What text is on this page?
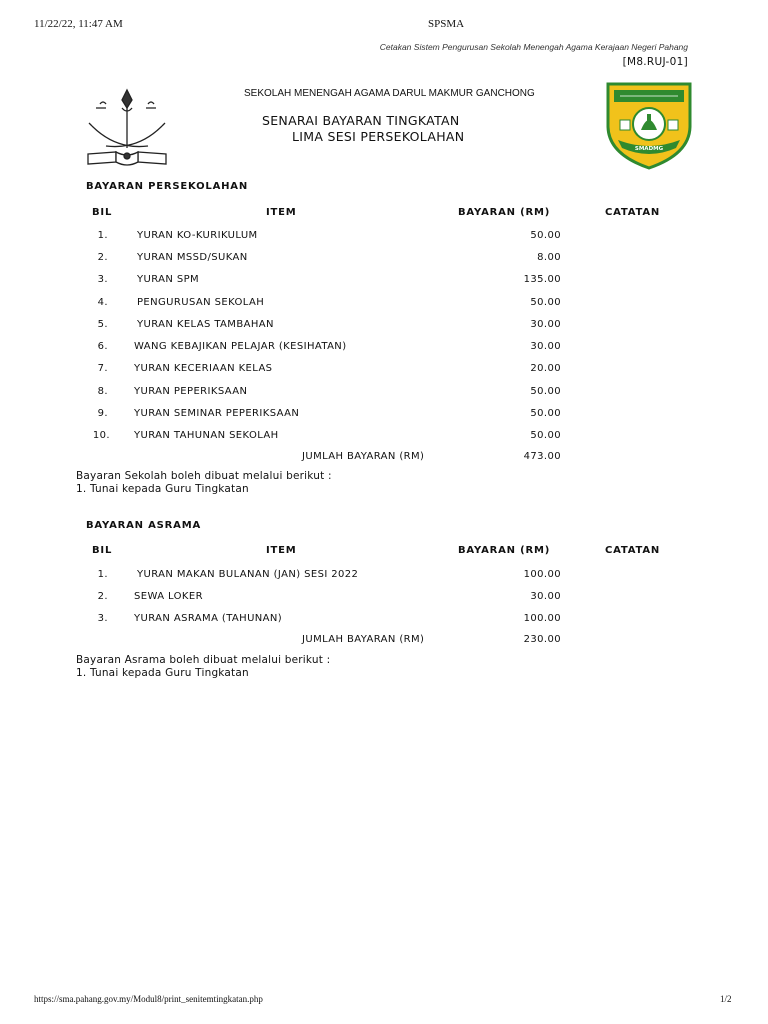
11/22/22, 11:47 AM	SPSMA
Cetakan Sistem Pengurusan Sekolah Menengah Agama Kerajaan Negeri Pahang
[M8.RUJ-01]
SMADMG
SEKOLAH MENENGAH AGAMA DARUL MAKMUR GANCHONG
SENARAI BAYARAN TINGKATAN
LIMA SESI PERSEKOLAHAN
BAYARAN PERSEKOLAHAN
BIL	ITEM	BAYARAN (RM)	CATATAN
1.	YURAN KO-KURIKULUM	50.00
2.	YURAN MSSD/SUKAN	8.00
3.	YURAN SPM	135.00
4.	PENGURUSAN SEKOLAH	50.00
5.	YURAN KELAS TAMBAHAN	30.00
6.	WANG KEBAJIKAN PELAJAR (KESIHATAN)	30.00
7.	YURAN KECERIAAN KELAS	20.00
8.	YURAN PEPERIKSAAN	50.00
9.	YURAN SEMINAR PEPERIKSAAN	50.00
10. YURAN TAHUNAN SEKOLAH	50.00
JUMLAH BAYARAN (RM)	473.00
Bayaran Sekolah boleh dibuat melalui berikut :
1. Tunai kepada Guru Tingkatan
BAYARAN ASRAMA
BIL	ITEM	BAYARAN (RM)	CATATAN
1.	YURAN MAKAN BULANAN (JAN) SESI 2022	100.00
2.	SEWA LOKER	30.00
3.	YURAN ASRAMA (TAHUNAN)	100.00
JUMLAH BAYARAN (RM)	230.00
Bayaran Asrama boleh dibuat melalui berikut :
1. Tunai kepada Guru Tingkatan
https://sma.pahang.gov.my/Modul8/print_senitemtingkatan.php	1/2
